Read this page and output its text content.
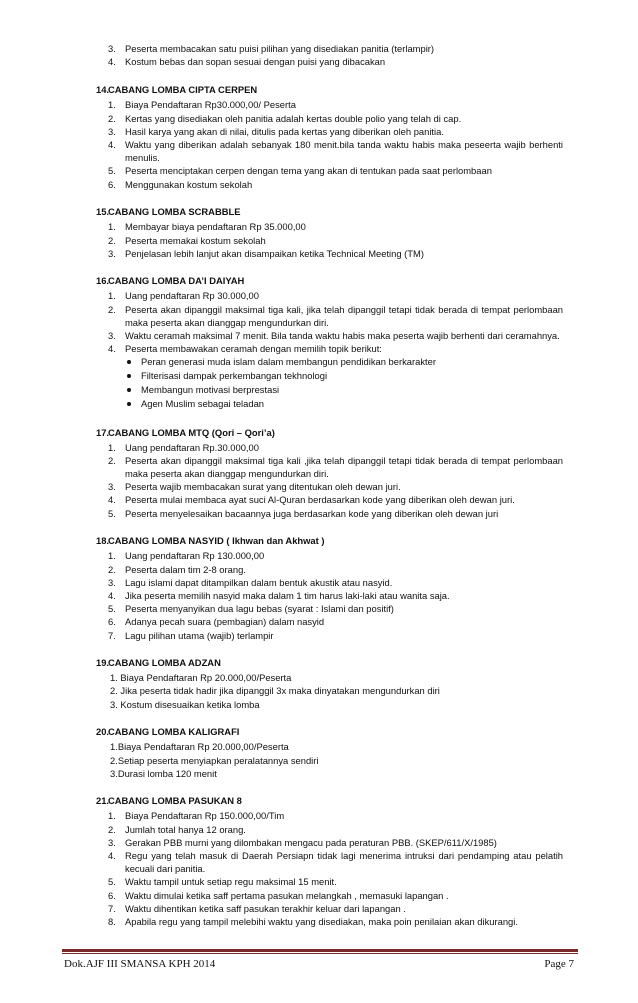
3. Peserta membacakan satu puisi pilihan yang disediakan panitia (terlampir)
4. Kostum bebas dan sopan sesuai dengan puisi yang dibacakan
14.CABANG LOMBA CIPTA CERPEN
1. Biaya Pendaftaran Rp30.000,00/ Peserta
2. Kertas yang disediakan oleh panitia adalah kertas double polio yang telah di cap.
3. Hasil karya yang akan di nilai, ditulis pada kertas yang diberikan oleh panitia.
4. Waktu yang diberikan adalah sebanyak 180 menit.bila tanda waktu habis maka peseerta wajib berhenti menulis.
5. Peserta menciptakan cerpen dengan tema yang akan di tentukan pada saat perlombaan
6. Menggunakan kostum sekolah
15.CABANG LOMBA SCRABBLE
1. Membayar biaya pendaftaran Rp 35.000,00
2. Peserta memakai kostum sekolah
3. Penjelasan lebih lanjut akan disampaikan ketika Technical Meeting (TM)
16.CABANG LOMBA DA’I DAIYAH
1. Uang pendaftaran Rp 30.000,00
2. Peserta akan dipanggil maksimal tiga kali, jika telah dipanggil tetapi tidak berada di tempat perlombaan maka peserta akan dianggap mengundurkan diri.
3. Waktu ceramah maksimal 7 menit. Bila tanda waktu habis maka peserta wajib berhenti dari ceramahnya.
4. Peserta membawakan ceramah dengan memilih topik berikut:
Peran generasi muda islam dalam membangun pendidikan berkarakter
Filterisasi dampak perkembangan tekhnologi
Membangun motivasi berprestasi
Agen Muslim sebagai teladan
17.CABANG LOMBA MTQ (Qori – Qori’a)
1. Uang pendaftaran Rp.30.000,00
2. Peserta akan dipanggil maksimal tiga kali ,jika telah dipanggil tetapi tidak berada di tempat perlombaan maka peserta akan dianggap mengundurkan diri.
3. Peserta wajib membacakan surat yang ditentukan oleh dewan juri.
4. Peserta mulai membaca ayat suci Al-Quran berdasarkan kode yang diberikan oleh dewan juri.
5. Peserta menyelesaikan bacaannya juga berdasarkan kode yang diberikan oleh dewan juri
18.CABANG LOMBA NASYID ( Ikhwan dan Akhwat )
1. Uang pendaftaran Rp 130.000,00
2. Peserta dalam tim 2-8 orang.
3. Lagu islami dapat ditampilkan dalam bentuk akustik atau nasyid.
4. Jika peserta memilih nasyid maka dalam 1 tim harus laki-laki atau wanita saja.
5. Peserta menyanyikan dua lagu bebas (syarat : Islami dan positif)
6. Adanya pecah suara (pembagian) dalam nasyid
7. Lagu pilihan utama (wajib) terlampir
19.CABANG LOMBA ADZAN
1. Biaya Pendaftaran Rp 20.000,00/Peserta
2. Jika peserta tidak hadir jika dipanggil 3x maka dinyatakan mengundurkan diri
3. Kostum disesuaikan ketika lomba
20.CABANG LOMBA KALIGRAFI
1.Biaya Pendaftaran Rp 20.000,00/Peserta
2.Setiap peserta menyiapkan peralatannya sendiri
3.Durasi lomba 120 menit
21.CABANG LOMBA PASUKAN 8
1. Biaya Pendaftaran Rp 150.000,00/Tim
2. Jumlah total hanya 12 orang.
3. Gerakan PBB murni yang dilombakan mengacu pada peraturan PBB. (SKEP/611/X/1985)
4. Regu yang telah masuk di Daerah Persiapn tidak lagi menerima intruksi dari pendamping atau pelatih kecuali dari panitia.
5. Waktu tampil untuk setiap regu maksimal 15 menit.
6. Waktu dimulai ketika saff pertama pasukan melangkah , memasuki lapangan .
7. Waktu dihentikan ketika saff pasukan terakhir keluar dari lapangan .
8. Apabila regu yang tampil melebihi waktu yang disediakan, maka poin penilaian akan dikurangi.
Dok.AJF III SMANSA KPH 2014	Page 7
